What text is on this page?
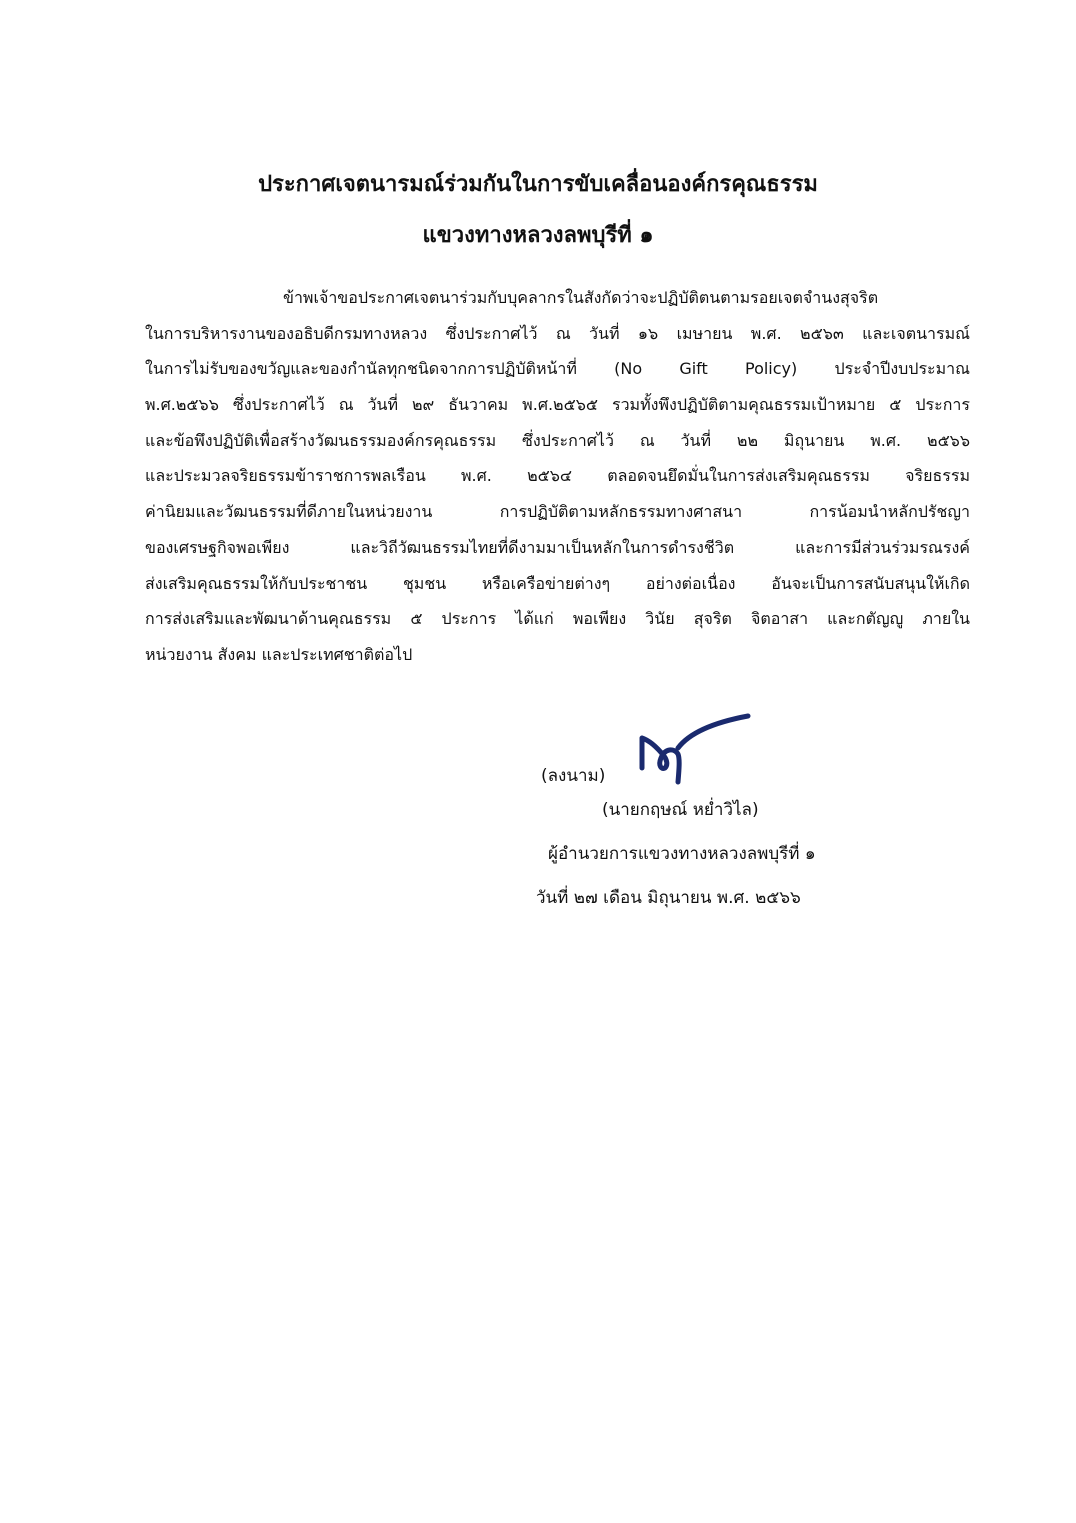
ประกาศเจตนารมณ์ร่วมกันในการขับเคลื่อนองค์กรคุณธรรม
แขวงทางหลวงลพบุรีที่ ๑
ข้าพเจ้าขอประกาศเจตนาร่วมกับบุคลากรในสังกัดว่าจะปฏิบัติตนตามรอยเจตจำนงสุจริต
ในการบริหารงานของอธิบดีกรมทางหลวง ซึ่งประกาศไว้ ณ วันที่ ๑๖ เมษายน พ.ศ. ๒๕๖๓ และเจตนารมณ์
ในการไม่รับของขวัญและของกำนัลทุกชนิดจากการปฏิบัติหน้าที่ (No Gift Policy) ประจำปีงบประมาณ
พ.ศ.๒๕๖๖ ซึ่งประกาศไว้ ณ วันที่ ๒๙ ธันวาคม พ.ศ.๒๕๖๕ รวมทั้งพึงปฏิบัติตามคุณธรรมเป้าหมาย ๕ ประการ
และข้อพึงปฏิบัติเพื่อสร้างวัฒนธรรมองค์กรคุณธรรม ซึ่งประกาศไว้ ณ วันที่ ๒๒ มิถุนายน พ.ศ. ๒๕๖๖
และประมวลจริยธรรมข้าราชการพลเรือน พ.ศ. ๒๕๖๔ ตลอดจนยึดมั่นในการส่งเสริมคุณธรรม จริยธรรม
ค่านิยมและวัฒนธรรมที่ดีภายในหน่วยงาน การปฏิบัติตามหลักธรรมทางศาสนา การน้อมนำหลักปรัชญา
ของเศรษฐกิจพอเพียง และวิถีวัฒนธรรมไทยที่ดีงามมาเป็นหลักในการดำรงชีวิต และการมีส่วนร่วมรณรงค์
ส่งเสริมคุณธรรมให้กับประชาชน ชุมชน หรือเครือข่ายต่างๆ อย่างต่อเนื่อง อันจะเป็นการสนับสนุนให้เกิด
การส่งเสริมและพัฒนาด้านคุณธรรม ๕ ประการ ได้แก่ พอเพียง วินัย สุจริต จิตอาสา และกตัญญู ภายใน
หน่วยงาน สังคม และประเทศชาติต่อไป
(ลงนาม)
(นายกฤษณ์ หย่ำวิไล)
ผู้อำนวยการแขวงทางหลวงลพบุรีที่ ๑
วันที่ ๒๗ เดือน มิถุนายน พ.ศ. ๒๕๖๖
